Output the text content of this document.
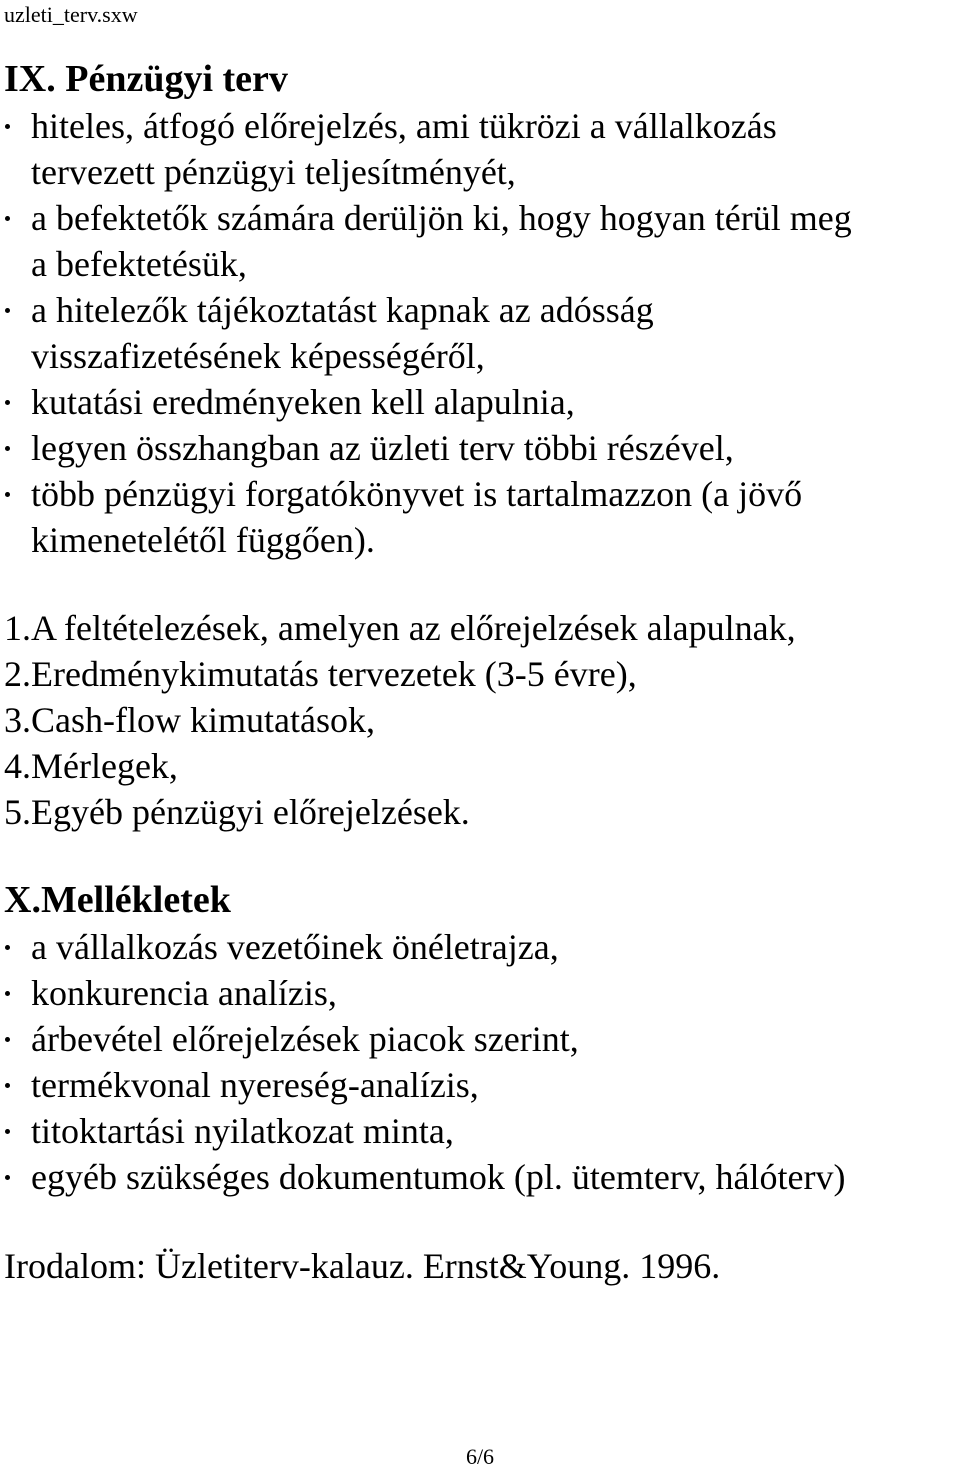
uzleti_terv.sxw
IX. Pénzügyi terv
hiteles, átfogó előrejelzés, ami tükrözi a vállalkozás
tervezett pénzügyi teljesítményét,
a befektetők számára derüljön ki, hogy hogyan térül meg
a befektetésük,
a hitelezők tájékoztatást kapnak az adósság
visszafizetésének képességéről,
kutatási eredményeken kell alapulnia,
legyen összhangban az üzleti terv többi részével,
több pénzügyi forgatókönyvet is tartalmazzon (a jövő
kimenetelétől függően).
1.A feltételezések, amelyen az előrejelzések alapulnak,
2.Eredménykimutatás tervezetek (3-5 évre),
3.Cash-flow kimutatások,
4.Mérlegek,
5.Egyéb pénzügyi előrejelzések.
X.Mellékletek
a vállalkozás vezetőinek önéletrajza,
konkurencia analízis,
árbevétel előrejelzések piacok szerint,
termékvonal nyereség-analízis,
titoktartási nyilatkozat minta,
egyéb szükséges dokumentumok (pl. ütemterv, hálóterv)
Irodalom: Üzletiterv-kalauz. Ernst&Young. 1996.
6/6
